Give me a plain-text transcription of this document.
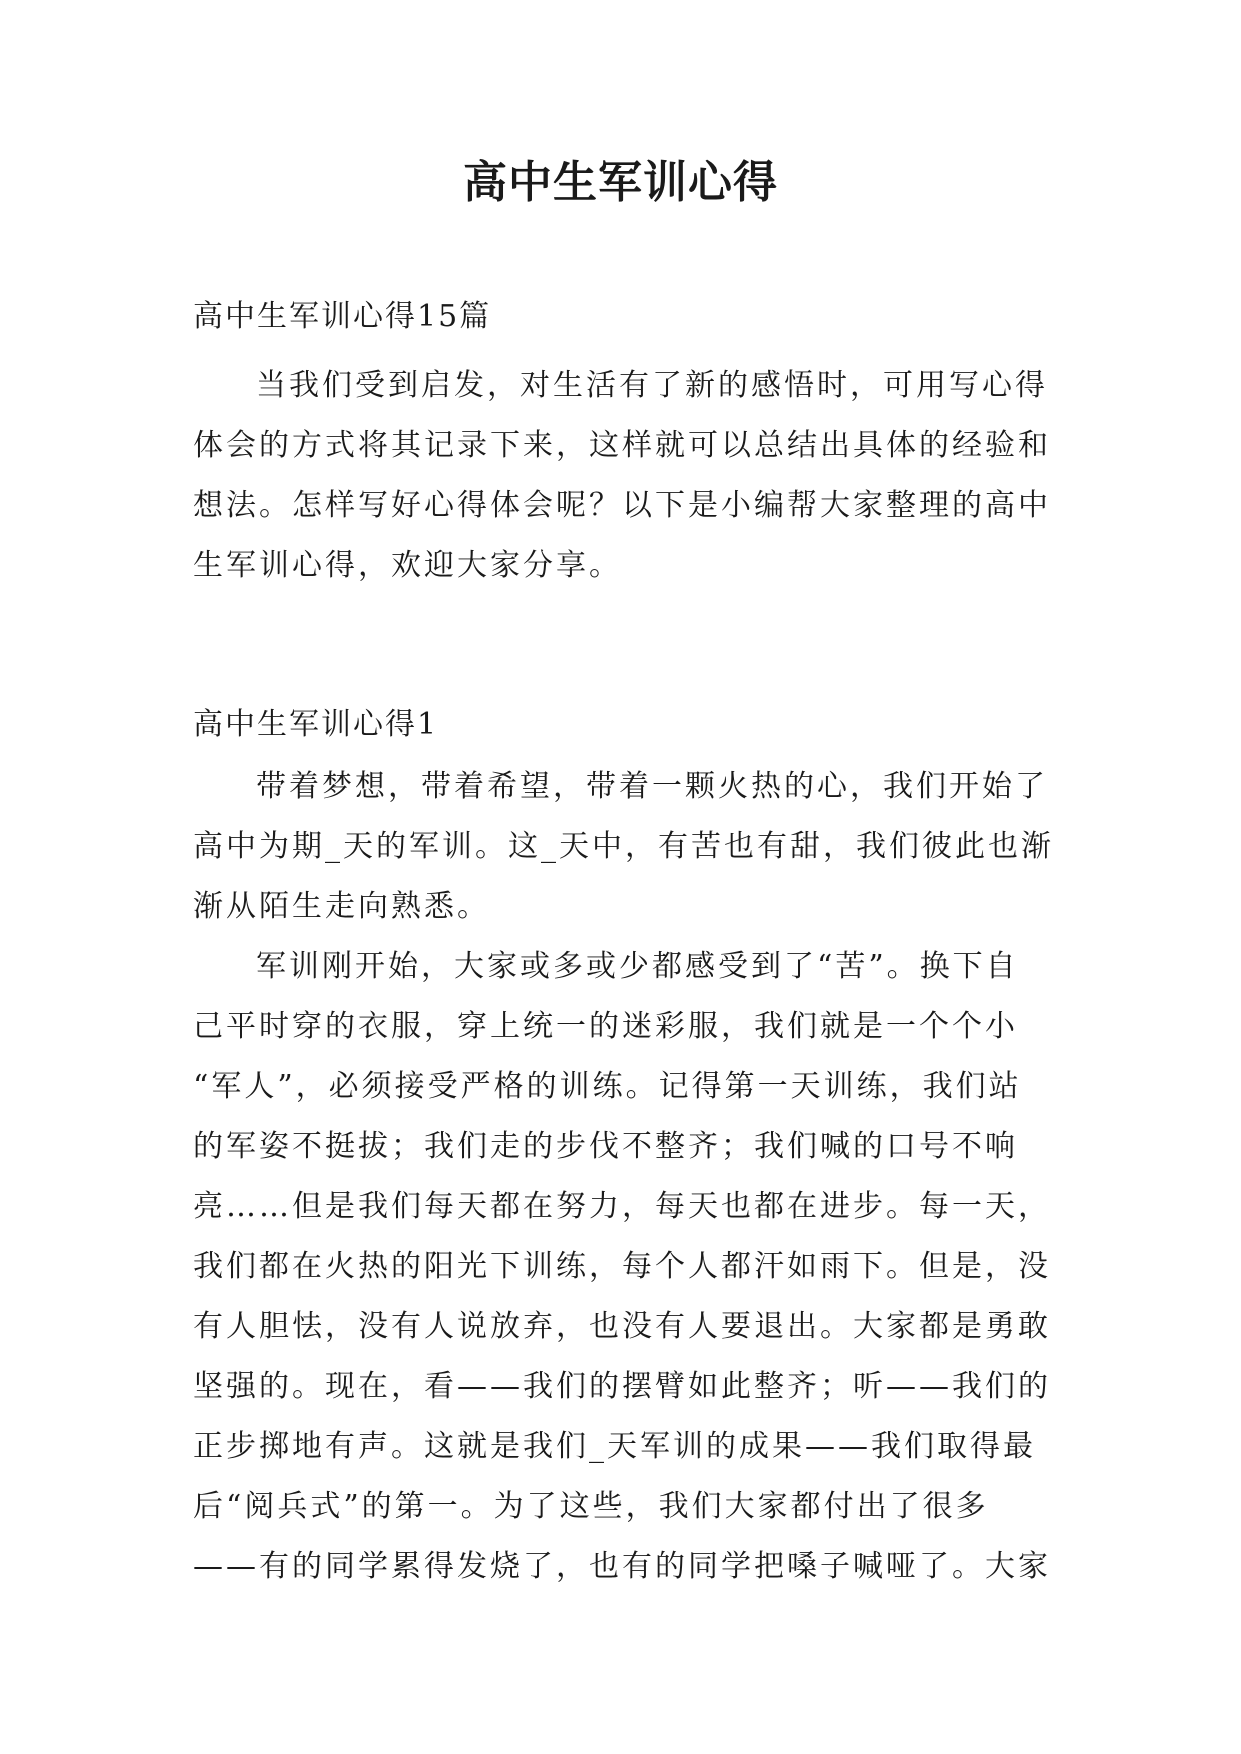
高中生军训心得

高中生军训心得15篇

当我们受到启发，对生活有了新的感悟时，可用写心得
体会的方式将其记录下来，这样就可以总结出具体的经验和
想法。怎样写好心得体会呢？以下是小编帮大家整理的高中
生军训心得，欢迎大家分享。

高中生军训心得1

带着梦想，带着希望，带着一颗火热的心，我们开始了
高中为期_天的军训。这_天中，有苦也有甜，我们彼此也渐
渐从陌生走向熟悉。
军训刚开始，大家或多或少都感受到了“苦”。换下自
己平时穿的衣服，穿上统一的迷彩服，我们就是一个个小
“军人”，必须接受严格的训练。记得第一天训练，我们站
的军姿不挺拔；我们走的步伐不整齐；我们喊的口号不响
亮……但是我们每天都在努力，每天也都在进步。每一天，
我们都在火热的阳光下训练，每个人都汗如雨下。但是，没
有人胆怯，没有人说放弃，也没有人要退出。大家都是勇敢
坚强的。现在，看——我们的摆臂如此整齐；听——我们的
正步掷地有声。这就是我们_天军训的成果——我们取得最
后“阅兵式”的第一。为了这些，我们大家都付出了很多
——有的同学累得发烧了，也有的同学把嗓子喊哑了。大家
